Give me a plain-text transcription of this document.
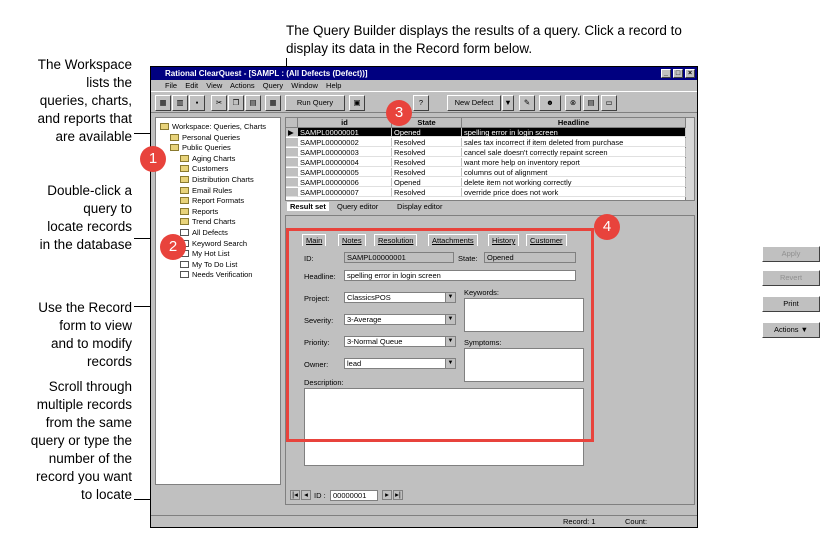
The Query Builder displays the results of a query. Click a record to display its data in the Record form below.
The Workspace
lists the
queries, charts,
and reports that
are available
Double-click a
query to
locate records
in the database
Use the Record
form to view
and to modify
records
Scroll through
multiple records
from the same
query or type the
number of the
record you want
to locate
Rational ClearQuest - [SAMPL : (All Defects (Defect))]	_	□	×
File Edit View Actions Query Window Help
▦	▥	▪	✂	❐	▤	▦	Run Query	▣	?	New Defect	▼	✎	☻	⊗	▤	▭
Workspace: Queries, Charts
Personal Queries
Public Queries
Aging Charts
Customers
Distribution Charts
Email Rules
Report Formats
Reports
Trend Charts
All Defects
Keyword Search
My Hot List
My To Do List
Needs Verification
id	State	Headline
▶ SAMPL00000001	Opened	spelling error in login screen
SAMPL00000002	Resolved	sales tax incorrect if item deleted from purchase
SAMPL00000003	Resolved	cancel sale doesn't correctly repaint screen
SAMPL00000004	Resolved	want more help on inventory report
SAMPL00000005	Resolved	columns out of alignment
SAMPL00000006	Opened	delete item not working correctly
SAMPL00000007	Resolved	override price does not work
Result set	Query editor Display editor
Main	Notes	Resolution	Attachments	History	Customer
ID:	SAMPL00000001	State:	Opened
Headline:	spelling error in login screen
Project:	ClassicsPOS	▼ Keywords:
Severity:	3-Average	▼
Priority:	3-Normal Queue	▼ Symptoms:
Owner:	lead	▼
Description:
Apply
Revert
Print
Actions ▼
|◂ ◂ ID : 00000001	▸ ▸|
Record: 1	Count:
1
2
3
4
